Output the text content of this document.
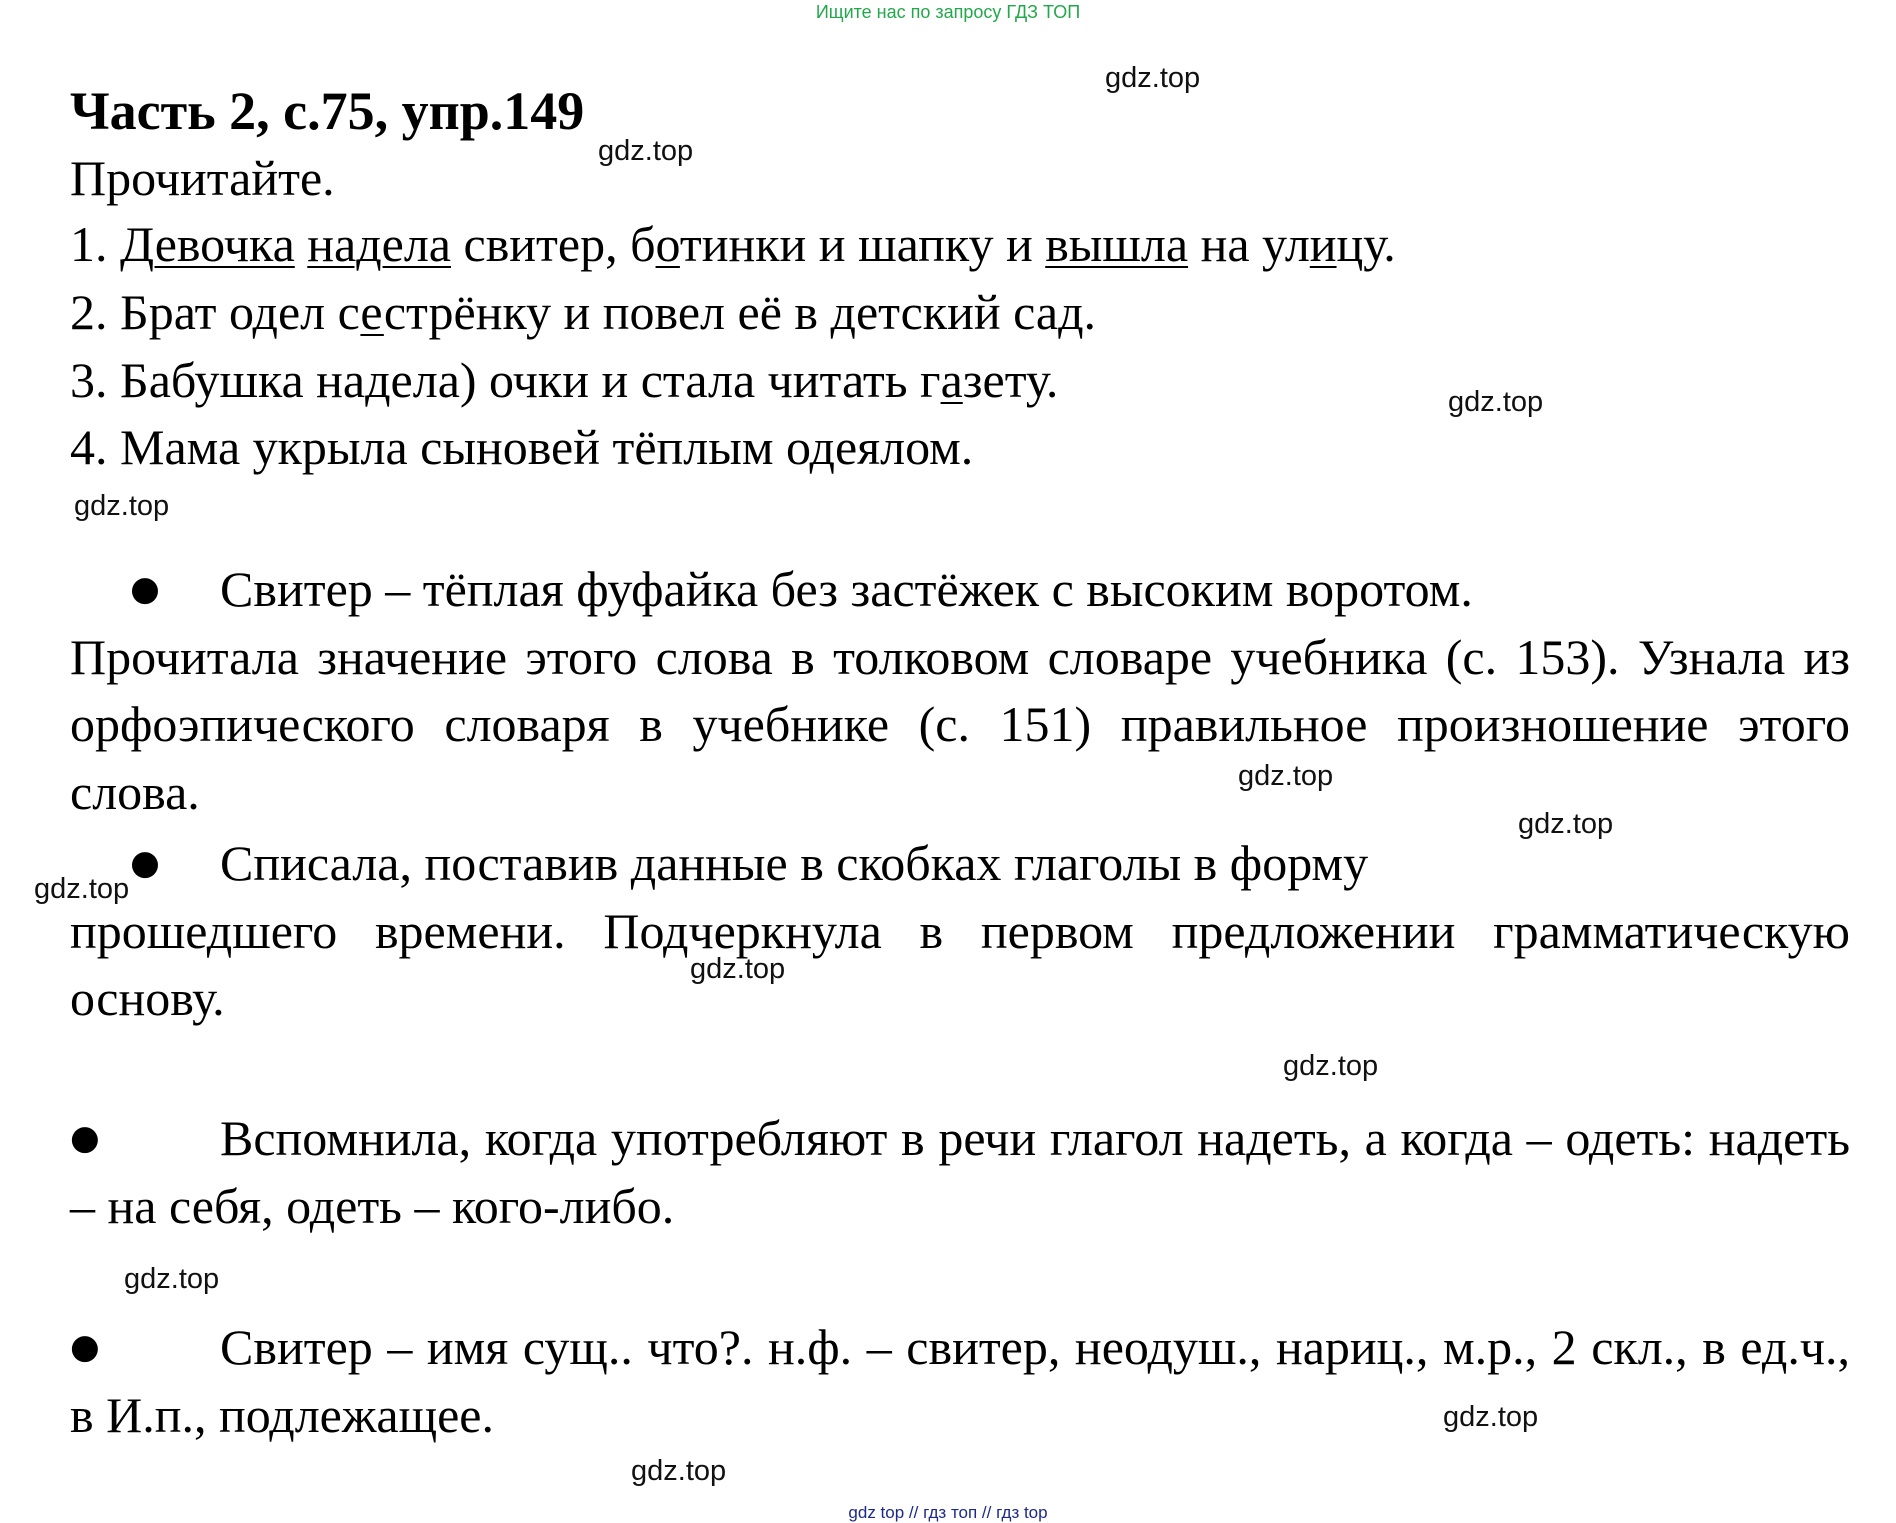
Ищите нас по запросу ГДЗ ТОП
Часть 2, с.75, упр.149
Прочитайте.
1. Девочка надела свитер, ботинки и шапку и вышла на улицу.
2. Брат одел сестрёнку и повел её в детский сад.
3. Бабушка надела) очки и стала читать газету.
4. Мама укрыла сыновей тёплым одеялом.

● Свитер – тёплая фуфайка без застёжек с высоким воротом.
Прочитала значение этого слова в толковом словаре учебника (с. 153). Узнала из орфоэпического словаря в учебнике (с. 151) правильное произношение этого слова.

● Списала, поставив данные в скобках глаголы в форму
прошедшего времени. Подчеркнула в первом предложении грамматическую основу.

● Вспомнила, когда употребляют в речи глагол надеть, а когда – одеть: надеть – на себя, одеть – кого-либо.

● Свитер – имя сущ.. что?. н.ф. – свитер, неодуш., нариц., м.р., 2 скл., в ед.ч., в И.п., подлежащее.

gdz.top
gdz.top
gdz.top
gdz.top
gdz.top
gdz.top
gdz.top
gdz.top
gdz.top
gdz.top
gdz.top
gdz.top
gdz top // гдз топ // гдз top
